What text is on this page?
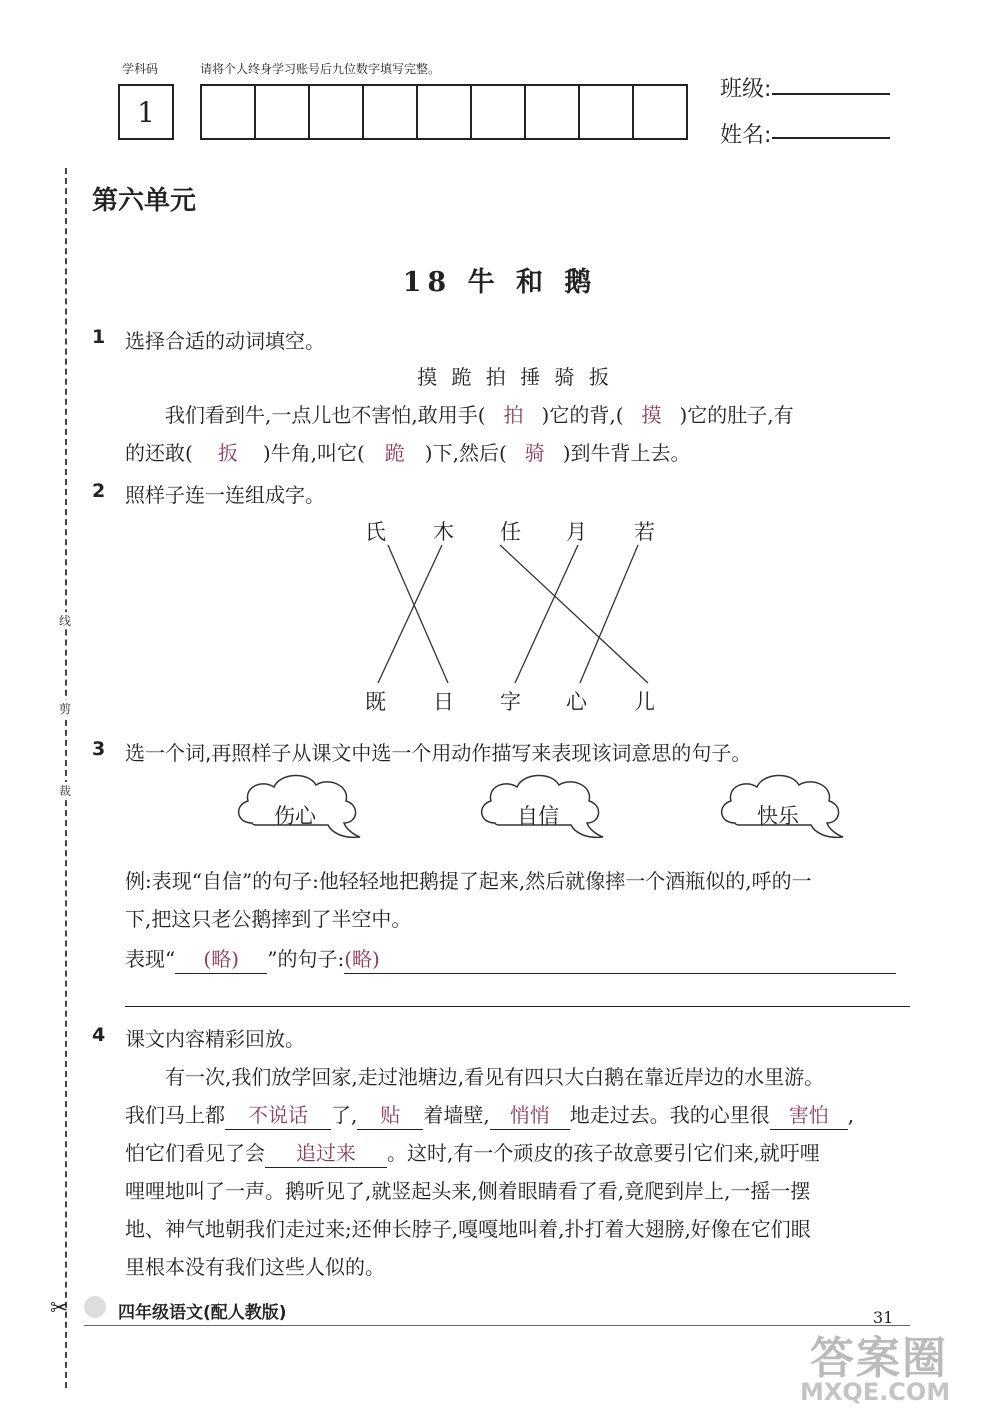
学科码	请将个人终身学习账号后九位数字填写完整。
1
班级:
姓名:
线
剪
裁
第六单元
18 牛 和 鹅
1 选择合适的动词填空。
摸 跪 拍 捶 骑 扳
我们看到牛,一点儿也不害怕,敢用手( 拍 )它的背,( 摸 )它的肚子,有
的还敢( 扳 )牛角,叫它( 跪 )下,然后( 骑 )到牛背上去。
2 照样子连一连组成字。
氏 木 任 月 若
既 日 字 心 儿
3 选一个词,再照样子从课文中选一个用动作描写来表现该词意思的句子。
伤心	自信	快乐
例:表现“自信”的句子:他轻轻地把鹅提了起来,然后就像摔一个酒瓶似的,呼的一
下,把这只老公鹅摔到了半空中。
表现“ (略) ”的句子:(略)
4 课文内容精彩回放。
有一次,我们放学回家,走过池塘边,看见有四只大白鹅在靠近岸边的水里游。
我们马上都 不说话 了, 贴 着墙壁, 悄悄 地走过去。我的心里很 害怕 ,
怕它们看见了会 追过来 。这时,有一个顽皮的孩子故意要引它们来,就吁哩
哩哩地叫了一声。鹅听见了,就竖起头来,侧着眼睛看了看,竟爬到岸上,一摇一摆
地、神气地朝我们走过来;还伸长脖子,嘎嘎地叫着,扑打着大翅膀,好像在它们眼
里根本没有我们这些人似的。
✂	四年级语文(配人教版)	31
答案圈
MXQE.COM
